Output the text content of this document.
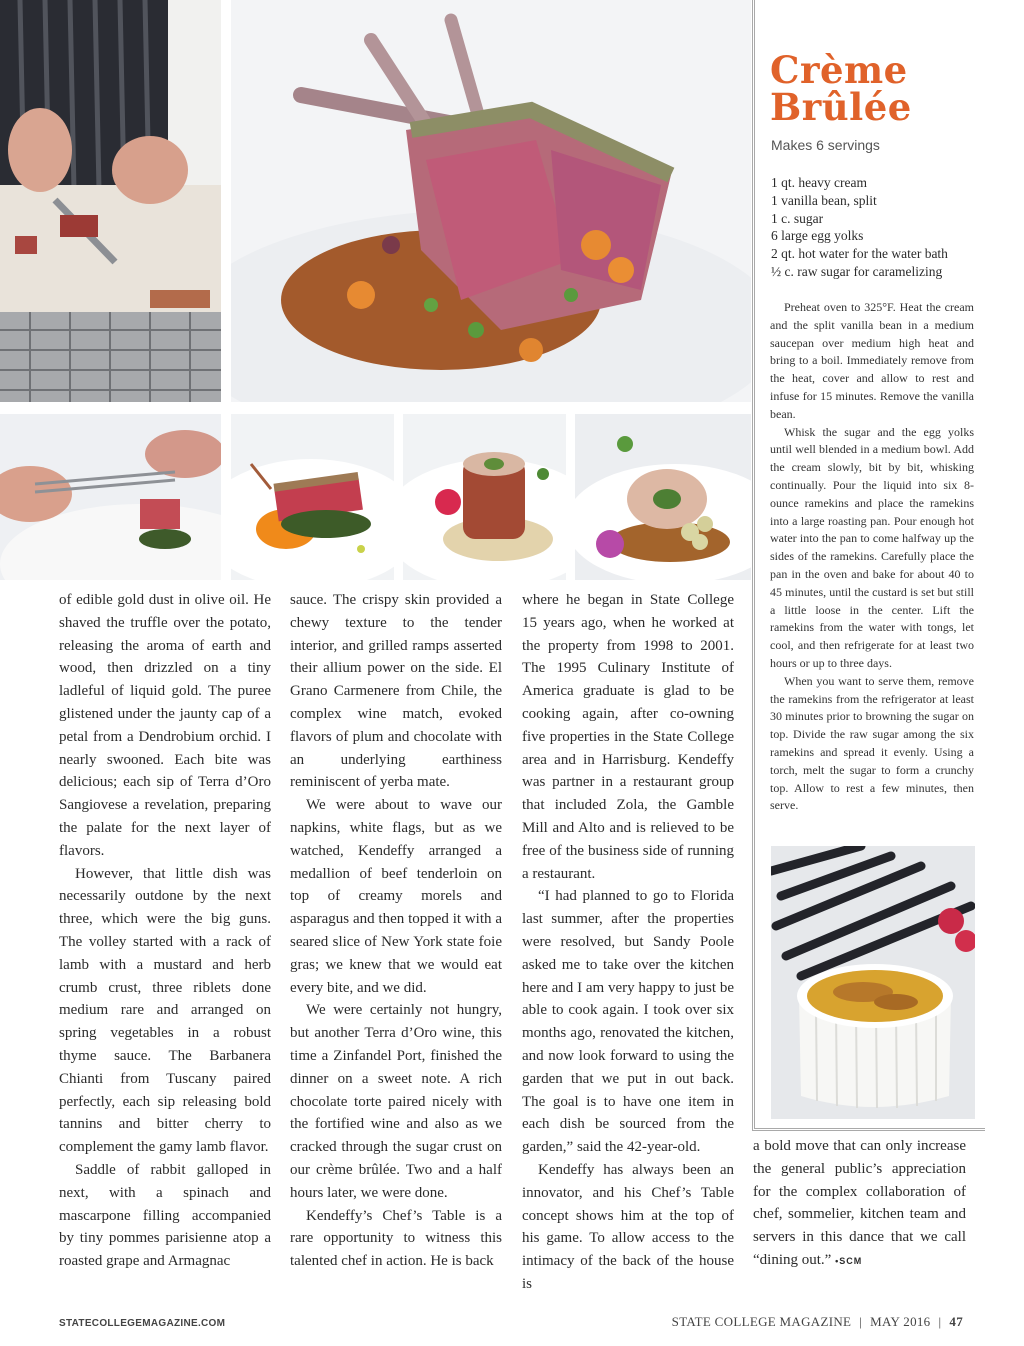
Crème
Brûlée
Makes 6 servings
1 qt. heavy cream
1 vanilla bean, split
1 c. sugar
6 large egg yolks
2 qt. hot water for the water bath
½ c. raw sugar for caramelizing

Preheat oven to 325°F. Heat the cream and the split vanilla bean in a medium saucepan over medium high heat and bring to a boil. Immediately remove from the heat, cover and allow to rest and infuse for 15 minutes. Remove the vanilla bean.

Whisk the sugar and the egg yolks until well blended in a medium bowl. Add the cream slowly, bit by bit, whisking continually. Pour the liquid into six 8-ounce ramekins and place the ramekins into a large roasting pan. Pour enough hot water into the pan to come halfway up the sides of the ramekins. Carefully place the pan in the oven and bake for about 40 to 45 minutes, until the custard is set but still a little loose in the center. Lift the ramekins from the water with tongs, let cool, and then refrigerate for at least two hours or up to three days.

When you want to serve them, remove the ramekins from the refrigerator at least 30 minutes prior to browning the sugar on top. Divide the raw sugar among the six ramekins and spread it evenly. Using a torch, melt the sugar to form a crunchy top. Allow to rest a few minutes, then serve.

of edible gold dust in olive oil. He shaved the truffle over the potato, releasing the aroma of earth and wood, then drizzled on a tiny ladleful of liquid gold. The puree glistened under the jaunty cap of a petal from a Dendrobium orchid. I nearly swooned. Each bite was delicious; each sip of Terra d’Oro Sangiovese a revelation, preparing the palate for the next layer of flavors.

However, that little dish was necessarily outdone by the next three, which were the big guns. The volley started with a rack of lamb with a mustard and herb crumb crust, three riblets done medium rare and arranged on spring vegetables in a robust thyme sauce. The Barbanera Chianti from Tuscany paired perfectly, each sip releasing bold tannins and bitter cherry to complement the gamy lamb flavor.

Saddle of rabbit galloped in next, with a spinach and mascarpone filling accompanied by tiny pommes parisienne atop a roasted grape and Armagnac

sauce. The crispy skin provided a chewy texture to the tender interior, and grilled ramps asserted their allium power on the side. El Grano Carmenere from Chile, the complex wine match, evoked flavors of plum and chocolate with an underlying earthiness reminiscent of yerba mate.

We were about to wave our napkins, white flags, but as we watched, Kendeffy arranged a medallion of beef tenderloin on top of creamy morels and asparagus and then topped it with a seared slice of New York state foie gras; we knew that we would eat every bite, and we did.

We were certainly not hungry, but another Terra d’Oro wine, this time a Zinfandel Port, finished the dinner on a sweet note. A rich chocolate torte paired nicely with the fortified wine and also as we cracked through the sugar crust on our crème brûlée. Two and a half hours later, we were done.

Kendeffy’s Chef’s Table is a rare opportunity to witness this talented chef in action. He is back

where he began in State College 15 years ago, when he worked at the property from 1998 to 2001. The 1995 Culinary Institute of America graduate is glad to be cooking again, after co-owning five properties in the State College area and in Harrisburg. Kendeffy was partner in a restaurant group that included Zola, the Gamble Mill and Alto and is relieved to be free of the business side of running a restaurant.

“I had planned to go to Florida last summer, after the properties were resolved, but Sandy Poole asked me to take over the kitchen here and I am very happy to just be able to cook again. I took over six months ago, renovated the kitchen, and now look forward to using the garden that we put in out back. The goal is to have one item in each dish be sourced from the garden,” said the 42-year-old.

Kendeffy has always been an innovator, and his Chef’s Table concept shows him at the top of his game. To allow access to the intimacy of the back of the house is

a bold move that can only increase the general public’s appreciation for the complex collaboration of chef, sommelier, kitchen team and servers in this dance that we call “dining out.” •SCM

STATECOLLEGEMAGAZINE.COM	STATE COLLEGE MAGAZINE | MAY 2016 | 47
